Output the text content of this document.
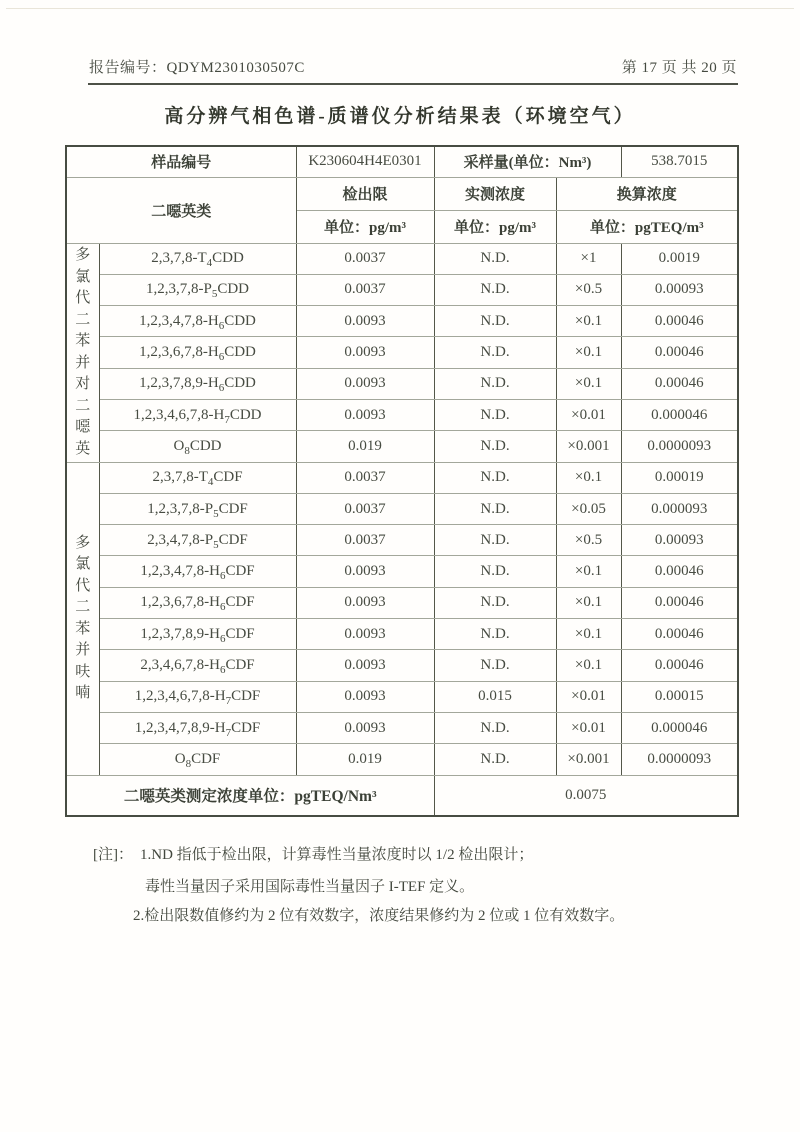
报告编号：QDYM2301030507C	第 17 页 共 20 页
高分辨气相色谱-质谱仪分析结果表（环境空气）
样品编号		K230604H4E0301	采样量(单位：Nm³)		538.7015
二噁英类		检出限	实测浓度	换算浓度	
		单位：pg/m³	单位：pg/m³	单位：pgTEQ/m³	

多氯代二苯并对二噁英	$2,3,7,8-T_4CDD$	0.0037	N.D.	×1	0.0019
	$1,2,3,7,8-P_5CDD$	0.0037	N.D.	×0.5	0.00093
	$1,2,3,4,7,8-H_6CDD$	0.0093	N.D.	×0.1	0.00046
	$1,2,3,6,7,8-H_6CDD$	0.0093	N.D.	×0.1	0.00046
	$1,2,3,7,8,9-H_6CDD$	0.0093	N.D.	×0.1	0.00046
	$1,2,3,4,6,7,8-H_7CDD$	0.0093	N.D.	×0.01	0.000046
	$O_8CDD$	0.019	N.D.	×0.001	0.0000093

多氯代二苯并呋喃	$2,3,7,8-T_4CDF$	0.0037	N.D.	×0.1	0.00019
	$1,2,3,7,8-P_5CDF$	0.0037	N.D.	×0.05	0.000093
	$2,3,4,7,8-P_5CDF$	0.0037	N.D.	×0.5	0.00093
	$1,2,3,4,7,8-H_6CDF$	0.0093	N.D.	×0.1	0.00046
	$1,2,3,6,7,8-H_6CDF$	0.0093	N.D.	×0.1	0.00046
	$1,2,3,7,8,9-H_6CDF$	0.0093	N.D.	×0.1	0.00046
	$2,3,4,6,7,8-H_6CDF$	0.0093	N.D.	×0.1	0.00046
	$1,2,3,4,6,7,8-H_7CDF$	0.0093	0.015	×0.01	0.00015
	$1,2,3,4,7,8,9-H_7CDF$	0.0093	N.D.	×0.01	0.000046
	$O_8CDF$	0.019	N.D.	×0.001	0.0000093
二噁英类测定浓度单位：pgTEQ/Nm³			0.0075		
[注]： 1.ND 指低于检出限，计算毒性当量浓度时以 1/2 检出限计；
毒性当量因子采用国际毒性当量因子 I-TEF 定义。
2.检出限数值修约为 2 位有效数字，浓度结果修约为 2 位或 1 位有效数字。
